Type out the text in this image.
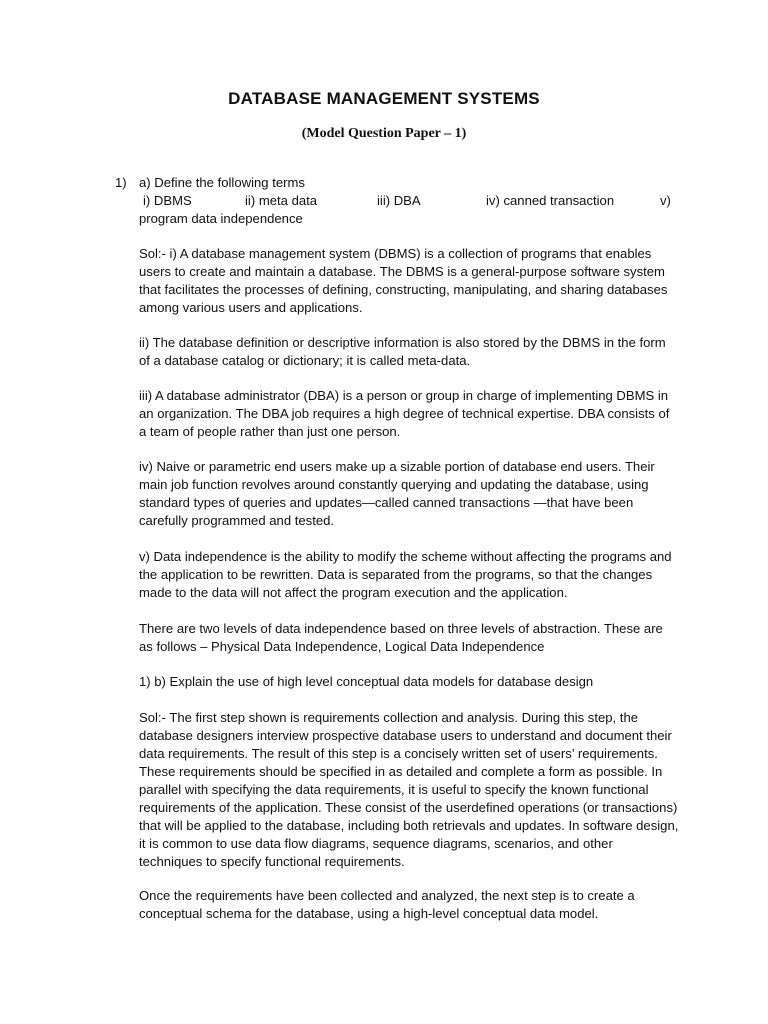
DATABASE MANAGEMENT SYSTEMS
(Model Question Paper – 1)
1) a) Define the following terms

i) DBMS	ii) meta data	iii) DBA	iv) canned transaction	v)

program data independence

Sol:- i) A database management system (DBMS) is a collection of programs that enables users to create and maintain a database. The DBMS is a general-purpose software system that facilitates the processes of defining, constructing, manipulating, and sharing databases among various users and applications.

ii) The database definition or descriptive information is also stored by the DBMS in the form of a database catalog or dictionary; it is called meta-data.

iii) A database administrator (DBA) is a person or group in charge of implementing DBMS in an organization. The DBA job requires a high degree of technical expertise. DBA consists of a team of people rather than just one person.

iv) Naive or parametric end users make up a sizable portion of database end users. Their main job function revolves around constantly querying and updating the database, using standard types of queries and updates—called canned transactions —that have been carefully programmed and tested.

v) Data independence is the ability to modify the scheme without affecting the programs and the application to be rewritten. Data is separated from the programs, so that the changes made to the data will not affect the program execution and the application.

There are two levels of data independence based on three levels of abstraction. These are as follows – Physical Data Independence, Logical Data Independence

1) b) Explain the use of high level conceptual data models for database design

Sol:- The first step shown is requirements collection and analysis. During this step, the database designers interview prospective database users to understand and document their data requirements. The result of this step is a concisely written set of users’ requirements. These requirements should be specified in as detailed and complete a form as possible. In parallel with specifying the data requirements, it is useful to specify the known functional requirements of the application. These consist of the userdefined operations (or transactions) that will be applied to the database, including both retrievals and updates. In software design, it is common to use data flow diagrams, sequence diagrams, scenarios, and other techniques to specify functional requirements.

Once the requirements have been collected and analyzed, the next step is to create a conceptual schema for the database, using a high-level conceptual data model.
